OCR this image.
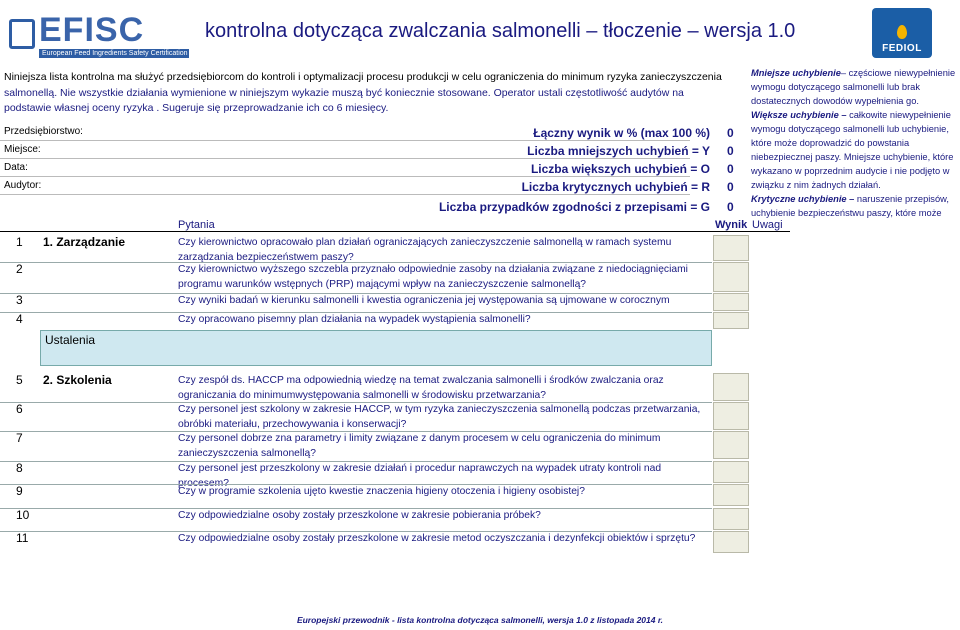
EFISC
European Feed Ingredients Safety Certification
kontrolna dotycząca zwalczania salmonelli – tłoczenie – wersja 1.0
FEDIOL
Niniejsza lista kontrolna ma służyć przedsiębiorcom do kontroli i optymalizacji procesu produkcji w celu ograniczenia do minimum ryzyka zanieczyszczenia
salmonellą. Nie wszystkie działania wymienione w niniejszym wykazie muszą być koniecznie stosowane. Operator ustali częstotliwość audytów na
podstawie własnej oceny ryzyka . Sugeruje się przeprowadzanie ich co 6 miesięcy.
Mniejsze uchybienie– częściowe niewypełnienie wymogu dotyczącego salmonelli lub brak dostatecznych dowodów wypełnienia go.
Większe uchybienie – całkowite niewypełnienie wymogu dotyczącego salmonelli lub uchybienie, które może doprowadzić do powstania niebezpiecznej paszy. Mniejsze uchybienie, które wykazano w poprzednim audycie i nie podjęto w związku z nim żadnych działań.
Krytyczne uchybienie – naruszenie przepisów, uchybienie bezpieczeństwu paszy, które może
Przedsiębiorstwo:
Miejsce:
Data:
Audytor:
Łączny wynik w % (max 100 %) 0
Liczba mniejszych uchybień = Y 0
Liczba większych uchybień = O 0
Liczba krytycznych uchybień = R 0
Liczba przypadków zgodności z przepisami = G 0
Pytania	Wynik Uwagi
1. Zarządzanie
1	Czy kierownictwo opracowało plan działań ograniczających zanieczyszczenie salmonellą w ramach systemu zarządzania bezpieczeństwem paszy?
2	Czy kierownictwo wyższego szczebla przyznało odpowiednie zasoby na działania związane z niedociągnięciami programu warunków wstępnych (PRP) mającymi wpływ na zanieczyszczenie salmonellą?
3	Czy wyniki badań w kierunku salmonelli i kwestia ograniczenia jej występowania są ujmowane w corocznym
4	Czy opracowano pisemny plan działania na wypadek wystąpienia salmonelli?
Ustalenia
2. Szkolenia
5	Czy zespół ds. HACCP ma odpowiednią wiedzę na temat zwalczania salmonelli i środków zwalczania oraz ograniczania do minimumwystępowania salmonelli w środowisku przetwarzania?
6	Czy personel jest szkolony w zakresie HACCP, w tym ryzyka zanieczyszczenia salmonellą podczas przetwarzania, obróbki materiału, przechowywania i konserwacji?
7	Czy personel dobrze zna parametry i limity związane z danym procesem w celu ograniczenia do minimum zanieczyszczenia salmonellą?
8	Czy personel jest przeszkolony w zakresie działań i procedur naprawczych na wypadek utraty kontroli nad procesem?
9	Czy w programie szkolenia ujęto kwestie znaczenia higieny otoczenia i higieny osobistej?
10	Czy odpowiedzialne osoby zostały przeszkolone w zakresie pobierania próbek?
11	Czy odpowiedzialne osoby zostały przeszkolone w zakresie metod oczyszczania i dezynfekcji obiektów i sprzętu?
Europejski przewodnik - lista kontrolna dotycząca salmonelli, wersja 1.0 z listopada 2014 r.
